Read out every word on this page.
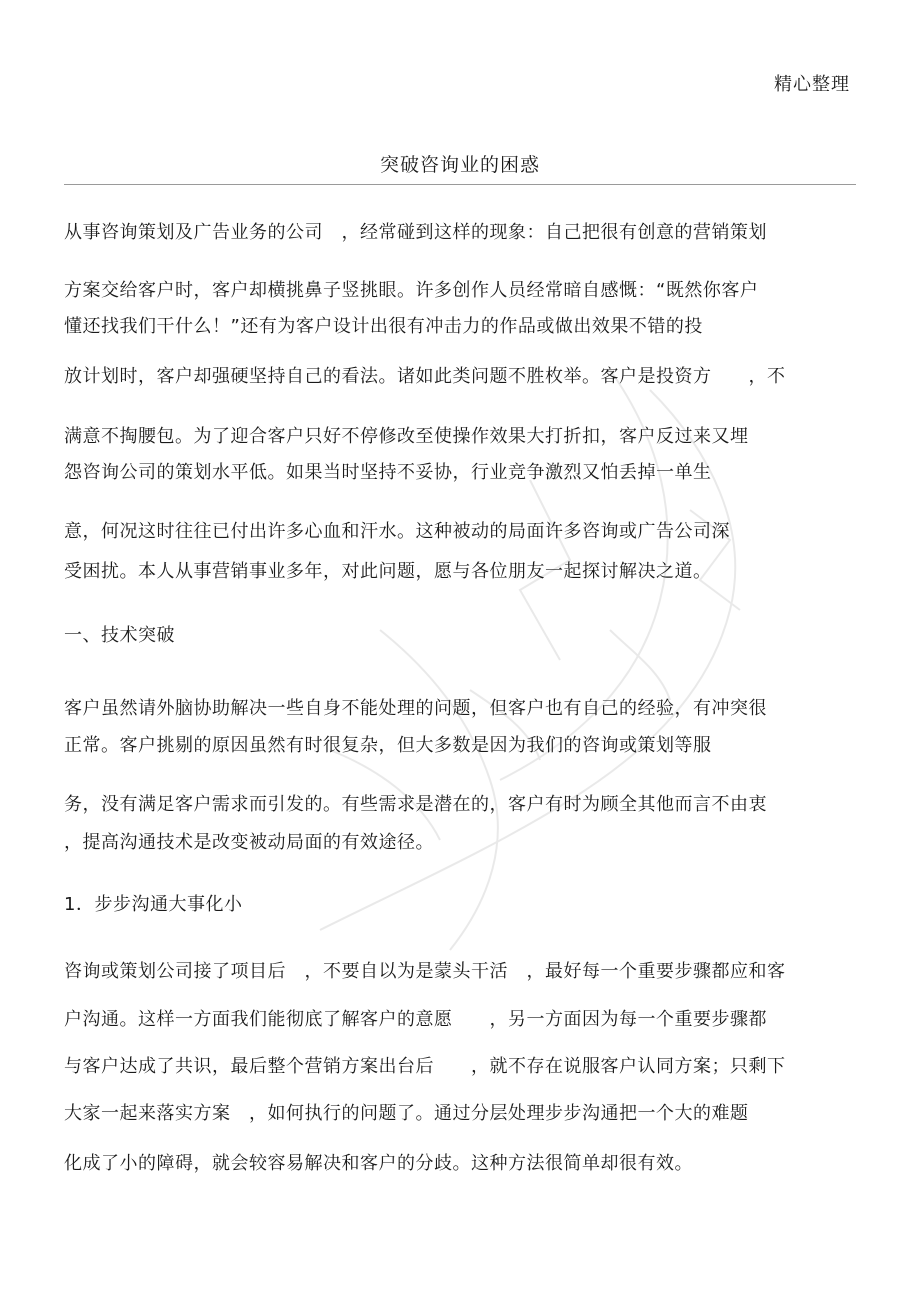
精心整理
突破咨询业的困惑
从事咨询策划及广告业务的公司　，经常碰到这样的现象：自己把很有创意的营销策划
方案交给客户时，客户却横挑鼻子竖挑眼。许多创作人员经常暗自感慨：“既然你客户
懂还找我们干什么！”还有为客户设计出很有冲击力的作品或做出效果不错的投
放计划时，客户却强硬坚持自己的看法。诸如此类问题不胜枚举。客户是投资方　　，不
满意不掏腰包。为了迎合客户只好不停修改至使操作效果大打折扣，客户反过来又埋
怨咨询公司的策划水平低。如果当时坚持不妥协，行业竞争激烈又怕丢掉一单生
意，何况这时往往已付出许多心血和汗水。这种被动的局面许多咨询或广告公司深
受困扰。本人从事营销事业多年，对此问题，愿与各位朋友一起探讨解决之道。
一、技术突破
客户虽然请外脑协助解决一些自身不能处理的问题，但客户也有自己的经验，有冲突很
正常。客户挑剔的原因虽然有时很复杂，但大多数是因为我们的咨询或策划等服
务，没有满足客户需求而引发的。有些需求是潜在的，客户有时为顾全其他而言不由衷
，提高沟通技术是改变被动局面的有效途径。
1．步步沟通大事化小
咨询或策划公司接了项目后　，不要自以为是蒙头干活　，最好每一个重要步骤都应和客
户沟通。这样一方面我们能彻底了解客户的意愿　　，另一方面因为每一个重要步骤都
与客户达成了共识，最后整个营销方案出台后　　，就不存在说服客户认同方案；只剩下
大家一起来落实方案　，如何执行的问题了。通过分层处理步步沟通把一个大的难题
化成了小的障碍，就会较容易解决和客户的分歧。这种方法很简单却很有效。
